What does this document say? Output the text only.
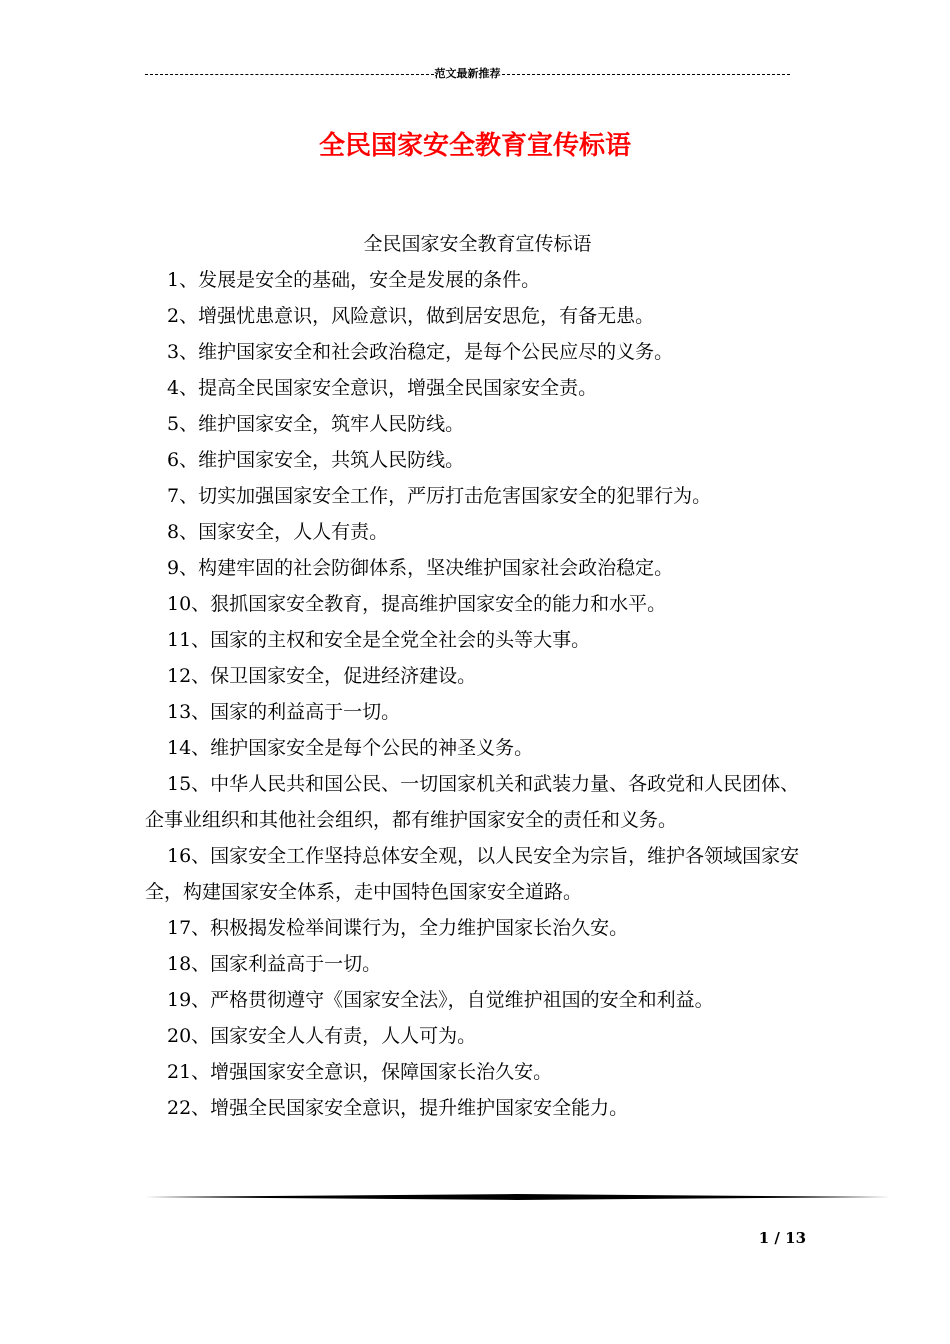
范文最新推荐
全民国家安全教育宣传标语

全民国家安全教育宣传标语

1、发展是安全的基础，安全是发展的条件。

2、增强忧患意识，风险意识，做到居安思危，有备无患。

3、维护国家安全和社会政治稳定，是每个公民应尽的义务。

4、提高全民国家安全意识，增强全民国家安全责。

5、维护国家安全，筑牢人民防线。

6、维护国家安全，共筑人民防线。

7、切实加强国家安全工作，严厉打击危害国家安全的犯罪行为。

8、国家安全，人人有责。

9、构建牢固的社会防御体系，坚决维护国家社会政治稳定。

10、狠抓国家安全教育，提高维护国家安全的能力和水平。

11、国家的主权和安全是全党全社会的头等大事。

12、保卫国家安全，促进经济建设。

13、国家的利益高于一切。

14、维护国家安全是每个公民的神圣义务。

15、中华人民共和国公民、一切国家机关和武装力量、各政党和人民团体、企事业组织和其他社会组织，都有维护国家安全的责任和义务。

16、国家安全工作坚持总体安全观，以人民安全为宗旨，维护各领域国家安全，构建国家安全体系，走中国特色国家安全道路。

17、积极揭发检举间谍行为，全力维护国家长治久安。

18、国家利益高于一切。

19、严格贯彻遵守《国家安全法》，自觉维护祖国的安全和利益。

20、国家安全人人有责，人人可为。

21、增强国家安全意识，保障国家长治久安。

22、增强全民国家安全意识，提升维护国家安全能力。

1 / 13
